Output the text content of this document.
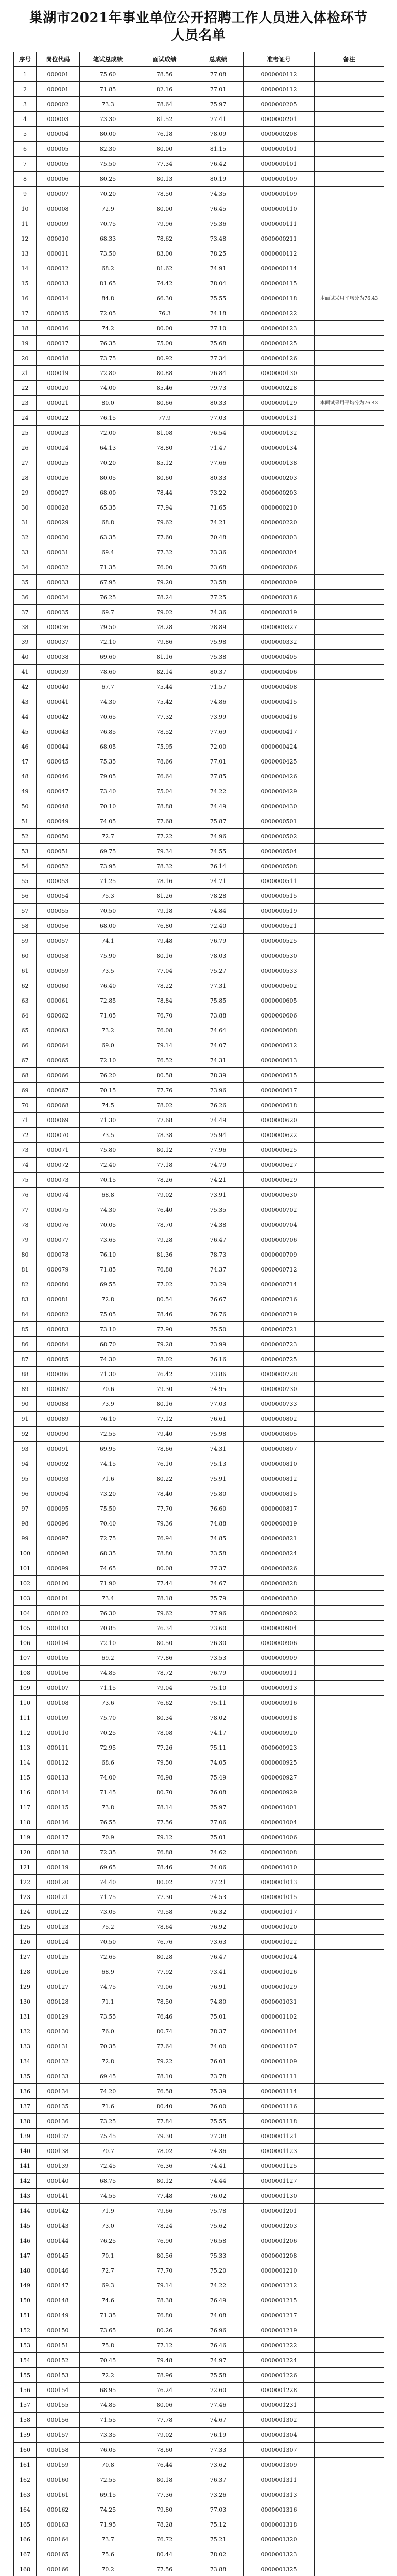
巢湖市2021年事业单位公开招聘工作人员进入体检环节
人员名单
序号	岗位代码	笔试总成绩	面试成绩	总成绩	准考证号	备注
1	000001	75.60	78.56	77.08	0000000112	
2	000001	71.85	82.16	77.01	0000000112	
3	000002	73.3	78.64	75.97	0000000205	
4	000003	73.30	81.52	77.41	0000000201	
5	000004	80.00	76.18	78.09	0000000208	
6	000005	82.30	80.00	81.15	0000000101	
7	000005	75.50	77.34	76.42	0000000101	
8	000006	80.25	80.13	80.19	0000000109	
9	000007	70.20	78.50	74.35	0000000109	
10	000008	72.9	80.00	76.45	0000000110	
11	000009	70.75	79.96	75.36	0000000111	
12	000010	68.33	78.62	73.48	0000000211	
13	000011	73.50	83.00	78.25	0000000112	
14	000012	68.2	81.62	74.91	0000000114	
15	000013	81.65	74.42	78.04	0000000115	
16	000014	84.8	66.30	75.55	0000000118	本面试采用平均分为76.43
17	000015	72.05	76.3	74.18	0000000122	
18	000016	74.2	80.00	77.10	0000000123	
19	000017	76.35	75.00	75.68	0000000125	
20	000018	73.75	80.92	77.34	0000000126	
21	000019	72.80	80.88	76.84	0000000130	
22	000020	74.00	85.46	79.73	0000000228	
23	000021	80.0	80.66	80.33	0000000129	本面试采用平均分为76.43
24	000022	76.15	77.9	77.03	0000000131	
25	000023	72.00	81.08	76.54	0000000132	
26	000024	64.13	78.80	71.47	0000000134	
27	000025	70.20	85.12	77.66	0000000138	
28	000026	80.05	80.60	80.33	0000000203	
29	000027	68.00	78.44	73.22	0000000203	
30	000028	65.35	77.94	71.65	0000000210	
31	000029	68.8	79.62	74.21	0000000220	
32	000030	63.35	77.60	70.48	0000000303	
33	000031	69.4	77.32	73.36	0000000304	
34	000032	71.35	76.00	73.68	0000000306	
35	000033	67.95	79.20	73.58	0000000309	
36	000034	76.25	78.24	77.25	0000000316	
37	000035	69.7	79.02	74.36	0000000319	
38	000036	79.50	78.28	78.89	0000000327	
39	000037	72.10	79.86	75.98	0000000332	
40	000038	69.60	81.16	75.38	0000000405	
41	000039	78.60	82.14	80.37	0000000406	
42	000040	67.7	75.44	71.57	0000000408	
43	000041	74.30	75.42	74.86	0000000415	
44	000042	70.65	77.32	73.99	0000000416	
45	000043	76.85	78.52	77.69	0000000417	
46	000044	68.05	75.95	72.00	0000000424	
47	000045	75.35	78.66	77.01	0000000425	
48	000046	79.05	76.64	77.85	0000000426	
49	000047	73.40	75.04	74.22	0000000429	
50	000048	70.10	78.88	74.49	0000000430	
51	000049	74.05	77.68	75.87	0000000501	
52	000050	72.7	77.22	74.96	0000000502	
53	000051	69.75	79.34	74.55	0000000504	
54	000052	73.95	78.32	76.14	0000000508	
55	000053	71.25	78.16	74.71	0000000511	
56	000054	75.3	81.26	78.28	0000000515	
57	000055	70.50	79.18	74.84	0000000519	
58	000056	68.00	76.80	72.40	0000000521	
59	000057	74.1	79.48	76.79	0000000525	
60	000058	75.90	80.16	78.03	0000000530	
61	000059	73.5	77.04	75.27	0000000533	
62	000060	76.40	78.22	77.31	0000000602	
63	000061	72.85	78.84	75.85	0000000605	
64	000062	71.05	76.70	73.88	0000000606	
65	000063	73.2	76.08	74.64	0000000608	
66	000064	69.0	79.14	74.07	0000000612	
67	000065	72.10	76.52	74.31	0000000613	
68	000066	76.20	80.58	78.39	0000000615	
69	000067	70.15	77.76	73.96	0000000617	
70	000068	74.5	78.02	76.26	0000000618	
71	000069	71.30	77.68	74.49	0000000620	
72	000070	73.5	78.38	75.94	0000000622	
73	000071	75.80	80.12	77.96	0000000625	
74	000072	72.40	77.18	74.79	0000000627	
75	000073	70.15	78.26	74.21	0000000629	
76	000074	68.8	79.02	73.91	0000000630	
77	000075	74.30	76.40	75.35	0000000702	
78	000076	70.05	78.70	74.38	0000000704	
79	000077	73.65	79.28	76.47	0000000706	
80	000078	76.10	81.36	78.73	0000000709	
81	000079	71.85	76.88	74.37	0000000712	
82	000080	69.55	77.02	73.29	0000000714	
83	000081	72.8	80.54	76.67	0000000716	
84	000082	75.05	78.46	76.76	0000000719	
85	000083	73.10	77.90	75.50	0000000721	
86	000084	68.70	79.28	73.99	0000000723	
87	000085	74.30	78.02	76.16	0000000725	
88	000086	71.30	76.42	73.86	0000000728	
89	000087	70.6	79.30	74.95	0000000730	
90	000088	73.9	80.16	77.03	0000000733	
91	000089	76.10	77.12	76.61	0000000802	
92	000090	72.55	79.40	75.98	0000000805	
93	000091	69.95	78.66	74.31	0000000807	
94	000092	74.15	76.10	75.13	0000000810	
95	000093	71.6	80.22	75.91	0000000812	
96	000094	73.20	78.40	75.80	0000000815	
97	000095	75.50	77.70	76.60	0000000817	
98	000096	70.40	79.36	74.88	0000000819	
99	000097	72.75	76.94	74.85	0000000821	
100	000098	68.35	78.80	73.58	0000000824	
101	000099	74.65	80.08	77.37	0000000826	
102	000100	71.90	77.44	74.67	0000000828	
103	000101	73.4	78.18	75.79	0000000830	
104	000102	76.30	79.62	77.96	0000000902	
105	000103	70.85	76.34	73.60	0000000904	
106	000104	72.10	80.50	76.30	0000000906	
107	000105	69.2	77.86	73.53	0000000909	
108	000106	74.85	78.72	76.79	0000000911	
109	000107	71.15	79.04	75.10	0000000913	
110	000108	73.6	76.62	75.11	0000000916	
111	000109	75.70	80.34	78.02	0000000918	
112	000110	70.25	78.08	74.17	0000000920	
113	000111	72.95	77.26	75.11	0000000923	
114	000112	68.6	79.50	74.05	0000000925	
115	000113	74.00	76.98	75.49	0000000927	
116	000114	71.45	80.70	76.08	0000000929	
117	000115	73.8	78.14	75.97	0000001001	
118	000116	76.55	77.56	77.06	0000001004	
119	000117	70.9	79.12	75.01	0000001006	
120	000118	72.35	76.88	74.62	0000001008	
121	000119	69.65	78.46	74.06	0000001010	
122	000120	74.40	80.02	77.21	0000001013	
123	000121	71.75	77.30	74.53	0000001015	
124	000122	73.05	79.58	76.32	0000001017	
125	000123	75.2	78.64	76.92	0000001020	
126	000124	70.50	76.76	73.63	0000001022	
127	000125	72.65	80.28	76.47	0000001024	
128	000126	68.9	77.92	73.41	0000001026	
129	000127	74.75	79.06	76.91	0000001029	
130	000128	71.1	78.50	74.80	0000001031	
131	000129	73.55	76.46	75.01	0000001102	
132	000130	76.0	80.74	78.37	0000001104	
133	000131	70.35	77.64	74.00	0000001107	
134	000132	72.8	79.22	76.01	0000001109	
135	000133	69.45	78.10	73.78	0000001111	
136	000134	74.20	76.58	75.39	0000001114	
137	000135	71.6	80.40	76.00	0000001116	
138	000136	73.25	77.84	75.55	0000001118	
139	000137	75.45	79.30	77.38	0000001121	
140	000138	70.7	78.02	74.36	0000001123	
141	000139	72.45	76.36	74.41	0000001125	
142	000140	68.75	80.12	74.44	0000001127	
143	000141	74.55	77.48	76.02	0000001130	
144	000142	71.9	79.66	75.78	0000001201	
145	000143	73.0	78.24	75.62	0000001203	
146	000144	76.25	76.90	76.58	0000001206	
147	000145	70.1	80.56	75.33	0000001208	
148	000146	72.7	77.70	75.20	0000001210	
149	000147	69.3	79.14	74.22	0000001212	
150	000148	74.6	78.38	76.49	0000001215	
151	000149	71.35	76.80	74.08	0000001217	
152	000150	73.65	80.26	76.96	0000001219	
153	000151	75.8	77.12	76.46	0000001222	
154	000152	70.45	79.48	74.97	0000001224	
155	000153	72.2	78.96	75.58	0000001226	
156	000154	68.95	76.24	72.60	0000001228	
157	000155	74.85	80.06	77.46	0000001231	
158	000156	71.55	77.78	74.67	0000001302	
159	000157	73.35	79.02	76.19	0000001304	
160	000158	76.05	78.60	77.33	0000001307	
161	000159	70.8	76.44	73.62	0000001309	
162	000160	72.55	80.18	76.37	0000001311	
163	000161	69.15	77.36	73.26	0000001313	
164	000162	74.25	79.80	77.03	0000001316	
165	000163	71.95	78.28	75.12	0000001318	
166	000164	73.7	76.72	75.21	0000001320	
167	000165	75.6	80.44	78.02	0000001323	
168	000166	70.2	77.56	73.88	0000001325	
